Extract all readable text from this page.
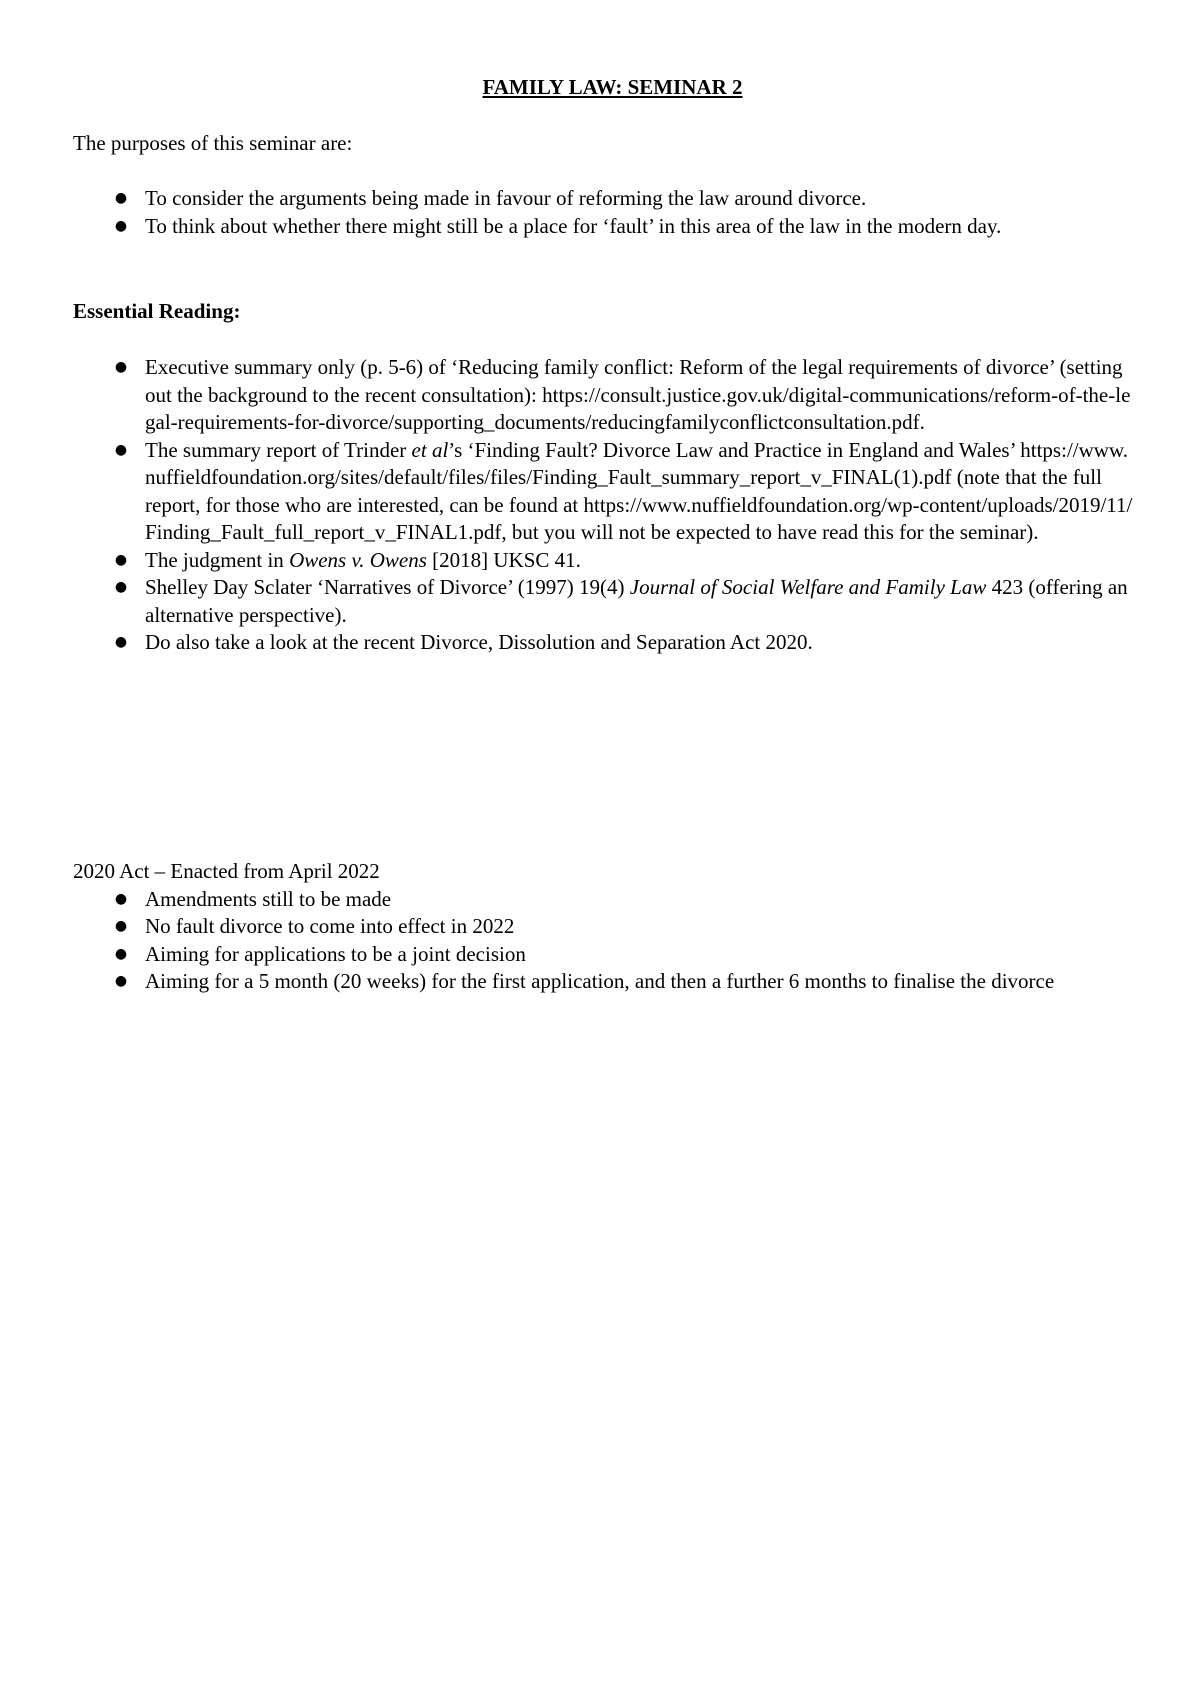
FAMILY LAW: SEMINAR 2

The purposes of this seminar are:

● To consider the arguments being made in favour of reforming the law around divorce.
● To think about whether there might still be a place for ‘fault’ in this area of the law in the modern day.
Essential Reading:
● Executive summary only (p. 5-6) of ‘Reducing family conflict: Reform of the legal requirements of divorce’ (setting out the background to the recent consultation): https://consult.justice.gov.uk/digital-communications/reform-of-the-legal-requirements-for-divorce/supporting_documents/reducingfamilyconflictconsultation.pdf.
● The summary report of Trinder et al’s ‘Finding Fault? Divorce Law and Practice in England and Wales’ https://www.nuffieldfoundation.org/sites/default/files/files/Finding_Fault_summary_report_v_FINAL(1).pdf (note that the full report, for those who are interested, can be found at https://www.nuffieldfoundation.org/wp-content/uploads/2019/11/Finding_Fault_full_report_v_FINAL1.pdf, but you will not be expected to have read this for the seminar).
● The judgment in Owens v. Owens [2018] UKSC 41.
● Shelley Day Sclater ‘Narratives of Divorce’ (1997) 19(4) Journal of Social Welfare and Family Law 423 (offering an alternative perspective).
● Do also take a look at the recent Divorce, Dissolution and Separation Act 2020.

2020 Act – Enacted from April 2022

● Amendments still to be made
● No fault divorce to come into effect in 2022
● Aiming for applications to be a joint decision
● Aiming for a 5 month (20 weeks) for the first application, and then a further 6 months to finalise the divorce
